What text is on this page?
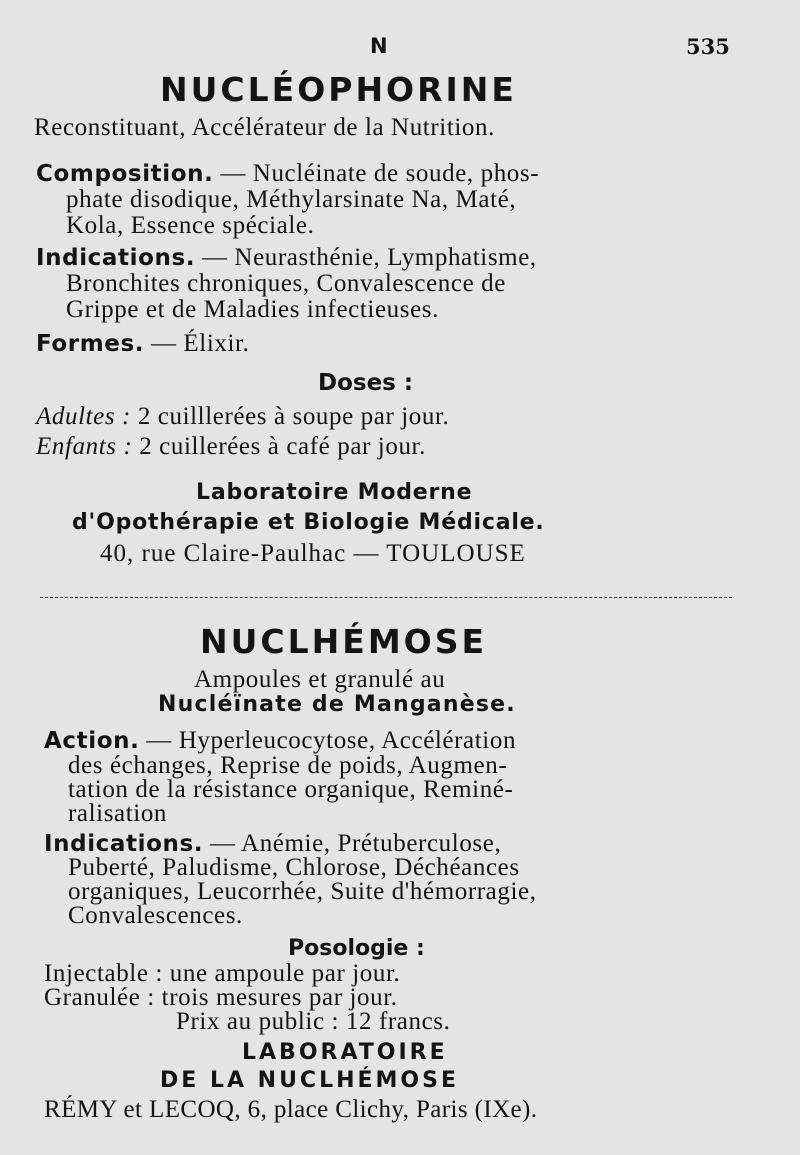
N	535
NUCLÉOPHORINE
Reconstituant, Accélérateur de la Nutrition.
Composition. — Nucléinate de soude, phos-
phate disodique, Méthylarsinate Na, Maté,
Kola, Essence spéciale.
Indications. — Neurasthénie, Lymphatisme,
Bronchites chroniques, Convalescence de
Grippe et de Maladies infectieuses.
Formes. — Élixir.
Doses :
Adultes : 2 cuilllerées à soupe par jour.
Enfants : 2 cuillerées à café par jour.
Laboratoire Moderne
d'Opothérapie et Biologie Médicale.
40, rue Claire-Paulhac — TOULOUSE
NUCLHÉMOSE
Ampoules et granulé au
Nucléïnate de Manganèse.
Action. — Hyperleucocytose, Accélération
des échanges, Reprise de poids, Augmen-
tation de la résistance organique, Reminé-
ralisation
Indications. — Anémie, Prétuberculose,
Puberté, Paludisme, Chlorose, Déchéances
organiques, Leucorrhée, Suite d'hémorragie,
Convalescences.
Posologie :
Injectable : une ampoule par jour.
Granulée : trois mesures par jour.
Prix au public : 12 francs.
LABORATOIRE
DE LA NUCLHÉMOSE
RÉMY et LECOQ, 6, place Clichy, Paris (IXe).
